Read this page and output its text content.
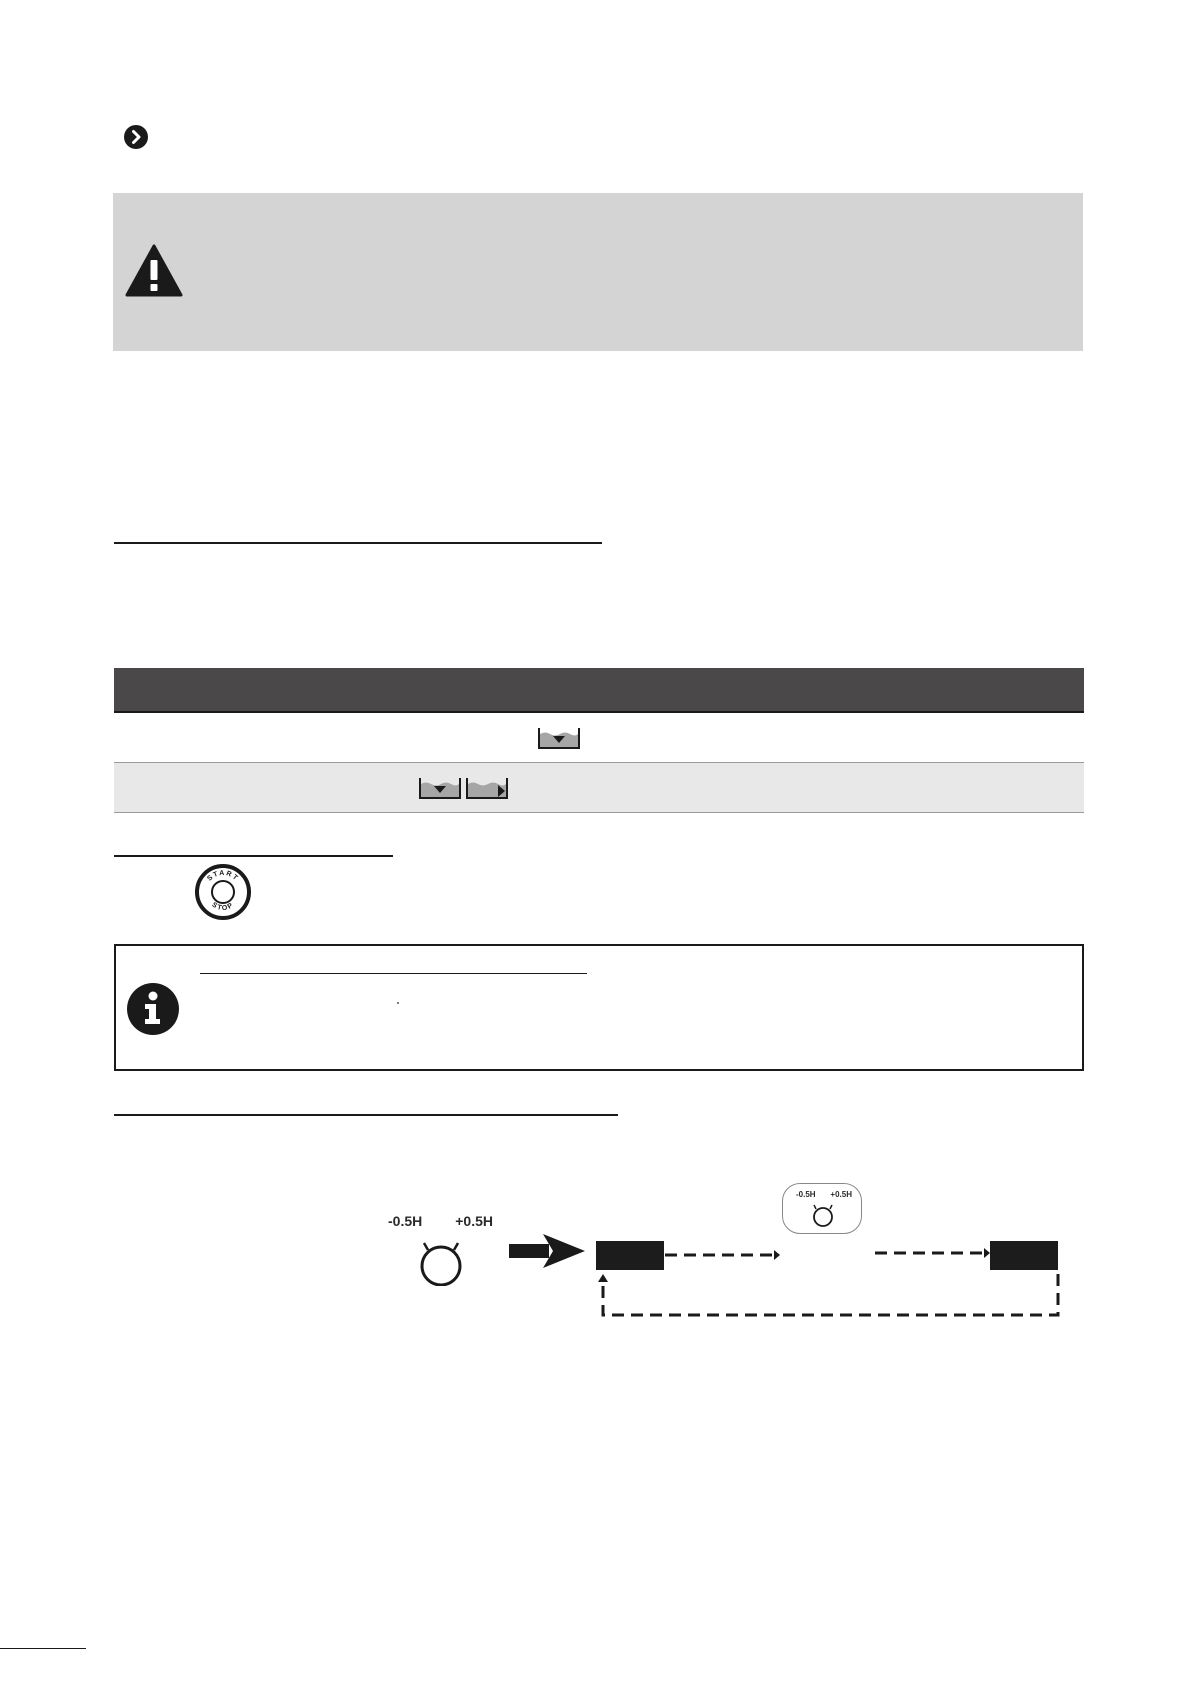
START
STOP
-0.5H +0.5H
-0.5H +0.5H
